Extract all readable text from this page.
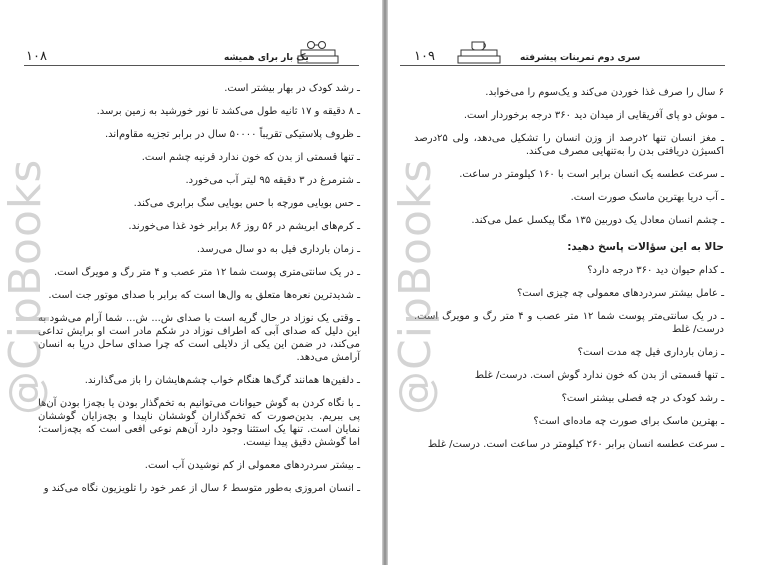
۱۰۸	یک بار برای همیشه

ـ رشد کودک در بهار بیشتر است.

ـ ۸ دقیقه و ۱۷ ثانیه طول می‌کشد تا نور خورشید به زمین برسد.

ـ ظروف پلاستیکی تقریباً ۵۰۰۰۰ سال در برابر تجزیه مقاوم‌اند.

ـ تنها قسمتی از بدن که خون ندارد قرنیه چشم است.

ـ شترمرغ در ۳ دقیقه ۹۵ لیتر آب می‌خورد.

ـ حس بویایی مورچه با حس بویایی سگ برابری می‌کند.

ـ کرم‌های ابریشم در ۵۶ روز ۸۶ برابر خود غذا می‌خورند.

ـ زمان بارداری فیل به دو سال می‌رسد.

ـ در یک سانتی‌متری پوست شما ۱۲ متر عصب و ۴ متر رگ و مویرگ است.

ـ شدیدترین نعره‌ها متعلق به وال‌ها است که برابر با صدای موتور جت است.

ـ وقتی یک نوزاد در حال گریه است با صدای ش... ش... شما آرام می‌شود به این دلیل که صدای آبی که اطراف نوزاد در شکم مادر است او برایش تداعی می‌کند، در ضمن این یکی از دلایلی است که چرا صدای ساحل دریا به انسان آرامش می‌دهد.

ـ دلفین‌ها همانند گرگ‌ها هنگام خواب چشم‌هایشان را باز می‌گذارند.

ـ با نگاه کردن به گوش حیوانات می‌توانیم به تخم‌گذار بودن یا بچه‌زا بودن آن‌ها پی ببریم. بدین‌صورت که تخم‌گذاران گوششان ناپیدا و بچه‌زایان گوششان نمایان است. تنها یک استثنا وجود دارد آن‌هم نوعی افعی است که بچه‌زاست؛ اما گوشش دقیق پیدا نیست.

ـ بیشتر سردردهای معمولی از کم نوشیدن آب است.

ـ انسان امروزی به‌طور متوسط ۶ سال از عمر خود را تلویزیون نگاه می‌کند و

@CipBooks
۱۰۹	سری دوم تمرینات پیشرفته

۶ سال را صرف غذا خوردن می‌کند و یک‌سوم را می‌خوابد.

ـ موش دو پای آفریقایی از میدان دید ۳۶۰ درجه برخوردار است.

ـ مغز انسان تنها ۲درصد از وزن انسان را تشکیل می‌دهد، ولی ۲۵درصد اکسیژن دریافتی بدن را به‌تنهایی مصرف می‌کند.

ـ سرعت عطسه یک انسان برابر است با ۱۶۰ کیلومتر در ساعت.

ـ آب دریا بهترین ماسک صورت است.

ـ چشم انسان معادل یک دوربین ۱۳۵ مگا پیکسل عمل می‌کند.

حالا به این سؤالات پاسخ دهید:

ـ کدام حیوان دید ۳۶۰ درجه دارد؟

ـ عامل بیشتر سردردهای معمولی چه چیزی است؟

ـ در یک سانتی‌متر پوست شما ۱۲ متر عصب و ۴ متر رگ و مویرگ است. درست/ غلط

ـ زمان بارداری فیل چه مدت است؟

ـ تنها قسمتی از بدن که خون ندارد گوش است. درست/ غلط

ـ رشد کودک در چه فصلی بیشتر است؟

ـ بهترین ماسک برای صورت چه ماده‌ای است؟

ـ سرعت عطسه انسان برابر ۲۶۰ کیلومتر در ساعت است. درست/ غلط

@CipBooks
